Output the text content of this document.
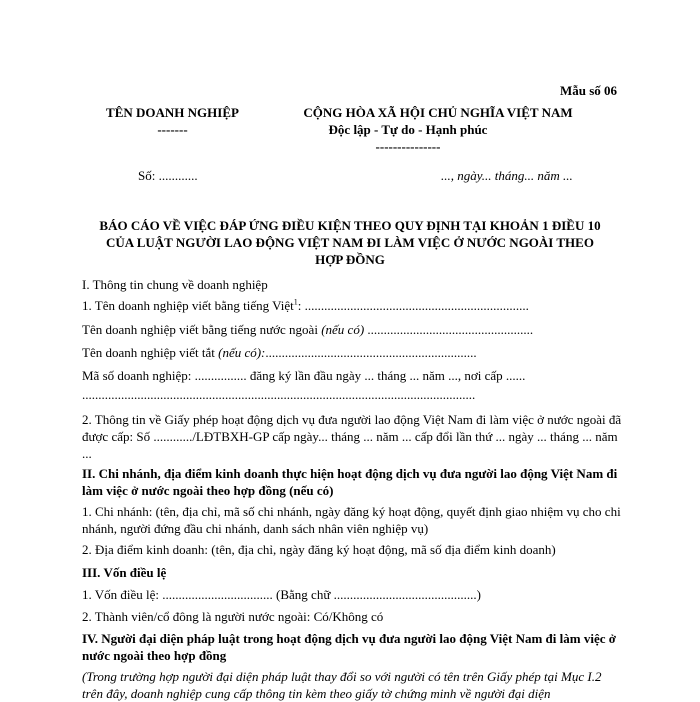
Mẫu số 06
TÊN DOANH NGHIỆP
-------
CỘNG HÒA XÃ HỘI CHỦ NGHĨA VIỆT NAM
Độc lập - Tự do - Hạnh phúc
---------------
Số: ............	..., ngày... tháng... năm ...
BÁO CÁO VỀ VIỆC ĐÁP ỨNG ĐIỀU KIỆN THEO QUY ĐỊNH TẠI KHOẢN 1 ĐIỀU 10
CỦA LUẬT NGƯỜI LAO ĐỘNG VIỆT NAM ĐI LÀM VIỆC Ở NƯỚC NGOÀI THEO
HỢP ĐỒNG
I. Thông tin chung về doanh nghiệp
1. Tên doanh nghiệp viết bằng tiếng Việt$^1$: .....................................................................
Tên doanh nghiệp viết bằng tiếng nước ngoài (nếu có) ...................................................
Tên doanh nghiệp viết tắt (nếu có):.................................................................
Mã số doanh nghiệp: ................ đăng ký lần đầu ngày ... tháng ... năm ..., nơi cấp ......
.........................................................................................................................
2. Thông tin về Giấy phép hoạt động dịch vụ đưa người lao động Việt Nam đi làm việc ở nước ngoài đã được cấp: Số ............/LĐTBXH-GP cấp ngày... tháng ... năm ... cấp đổi lần thứ ... ngày ... tháng ... năm ...
II. Chi nhánh, địa điểm kinh doanh thực hiện hoạt động dịch vụ đưa người lao động Việt Nam đi làm việc ở nước ngoài theo hợp đồng (nếu có)
1. Chi nhánh: (tên, địa chỉ, mã số chi nhánh, ngày đăng ký hoạt động, quyết định giao nhiệm vụ cho chi nhánh, người đứng đầu chi nhánh, danh sách nhân viên nghiệp vụ)
2. Địa điểm kinh doanh: (tên, địa chỉ, ngày đăng ký hoạt động, mã số địa điểm kinh doanh)
III. Vốn điều lệ
1. Vốn điều lệ: .................................. (Bằng chữ ............................................)
2. Thành viên/cổ đông là người nước ngoài: Có/Không có
IV. Người đại diện pháp luật trong hoạt động dịch vụ đưa người lao động Việt Nam đi làm việc ở nước ngoài theo hợp đồng
(Trong trường hợp người đại diện pháp luật thay đổi so với người có tên trên Giấy phép tại Mục I.2 trên đây, doanh nghiệp cung cấp thông tin kèm theo giấy tờ chứng minh về người đại diện
